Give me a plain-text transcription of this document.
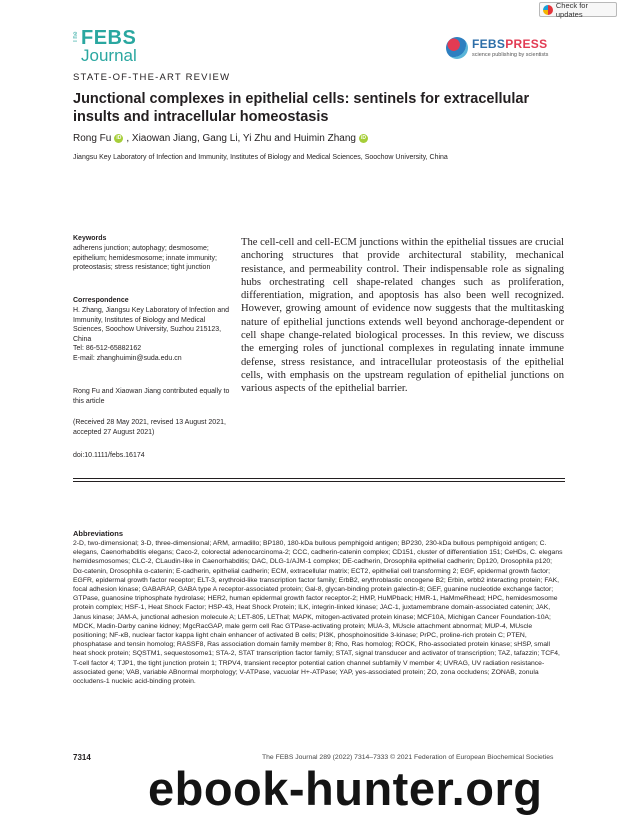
Check for updates
The FEBS
Journal
FEBSPRESS
science publishing by scientists
STATE-OF-THE-ART REVIEW
Junctional complexes in epithelial cells: sentinels for extracellular insults and intracellular homeostasis
Rong Fu	iD , Xiaowan Jiang, Gang Li, Yi Zhu and Huimin Zhang	iD
Jiangsu Key Laboratory of Infection and Immunity, Institutes of Biology and Medical Sciences, Soochow University, China
Keywords

adherens junction; autophagy; desmosome; epithelium; hemidesmosome; innate immunity; proteostasis; stress resistance; tight junction

Correspondence

H. Zhang, Jiangsu Key Laboratory of Infection and Immunity, Institutes of Biology and Medical Sciences, Soochow University, Suzhou 215123, China

Tel: 86-512-65882162

E-mail: zhanghuimin@suda.edu.cn

Rong Fu and Xiaowan Jiang contributed equally to this article
(Received 28 May 2021, revised 13 August 2021, accepted 27 August 2021)
doi:10.1111/febs.16174

The cell-cell and cell-ECM junctions within the epithelial tissues are crucial anchoring structures that provide architectural stability, mechanical resistance, and permeability control. Their indispensable role as signaling hubs orchestrating cell shape-related changes such as proliferation, differentiation, migration, and apoptosis has also been well recognized. However, growing amount of evidence now suggests that the multitasking nature of epithelial junctions extends well beyond anchorage-dependent or cell shape change-related biological processes. In this review, we discuss the emerging roles of junctional complexes in regulating innate immune defense, stress resistance, and intracellular proteostasis of the epithelial cells, with emphasis on the upstream regulation of epithelial junctions on various aspects of the epithelial barrier.

Abbreviations

2-D, two-dimensional; 3-D, three-dimensional; ARM, armadillo; BP180, 180-kDa bullous pemphigoid antigen; BP230, 230-kDa bullous pemphigoid antigen; C. elegans, Caenorhabditis elegans; Caco-2, colorectal adenocarcinoma-2; CCC, cadherin-catenin complex; CD151, cluster of differentiation 151; CeHDs, C. elegans hemidesmosomes; CLC-2, CLaudin-like in Caenorhabditis; DAC, DLG-1/AJM-1 complex; DE-cadherin, Drosophila epithelial cadherin; Dp120, Drosophila p120; Dα-catenin, Drosophila α-catenin; E-cadherin, epithelial cadherin; ECM, extracellular matrix; ECT2, epithelial cell transforming 2; EGF, epidermal growth factor; EGFR, epidermal growth factor receptor; ELT-3, erythroid-like transcription factor family; ErbB2, erythroblastic oncogene B2; Erbin, erbb2 interacting protein; FAK, focal adhesion kinase; GABARAP, GABA type A receptor-associated protein; Gal-8, glycan-binding protein galectin-8; GEF, guanine nucleotide exchange factor; GTPase, guanosine triphosphate hydrolase; HER2, human epidermal growth factor receptor-2; HMP, HuMPback; HMR-1, HaMmeRhead; HPC, hemidesmosome protein complex; HSF-1, Heat Shock Factor; HSP-43, Heat Shock Protein; ILK, integrin-linked kinase; JAC-1, juxtamembrane domain-associated catenin; JAK, Janus kinase; JAM-A, junctional adhesion molecule A; LET-805, LEThal; MAPK, mitogen-activated protein kinase; MCF10A, Michigan Cancer Foundation-10A; MDCK, Madin-Darby canine kidney; MgcRacGAP, male germ cell Rac GTPase-activating protein; MUA-3, MUscle attachment abnormal; MUP-4, MUscle positioning; NF-κB, nuclear factor kappa light chain enhancer of activated B cells; PI3K, phosphoinositide 3-kinase; PrPC, proline-rich protein C; PTEN, phosphatase and tensin homolog; RASSF8, Ras association domain family member 8; Rho, Ras homolog; ROCK, Rho-associated protein kinase; sHSP, small heat shock protein; SQSTM1, sequestosome1; STA-2, STAT transcription factor family; STAT, signal transducer and activator of transcription; TAZ, tafazzin; TCF4, T-cell factor 4; TJP1, the tight junction protein 1; TRPV4, transient receptor potential cation channel subfamily V member 4; UVRAG, UV radiation resistance-associated gene; VAB, variable ABnormal morphology; V-ATPase, vacuolar H+-ATPase; YAP, yes-associated protein; ZO, zona occludens; ZONAB, zonula occludens-1 nucleic acid-binding protein.

7314	The FEBS Journal 289 (2022) 7314–7333 © 2021 Federation of European Biochemical Societies
ebook-hunter.org
